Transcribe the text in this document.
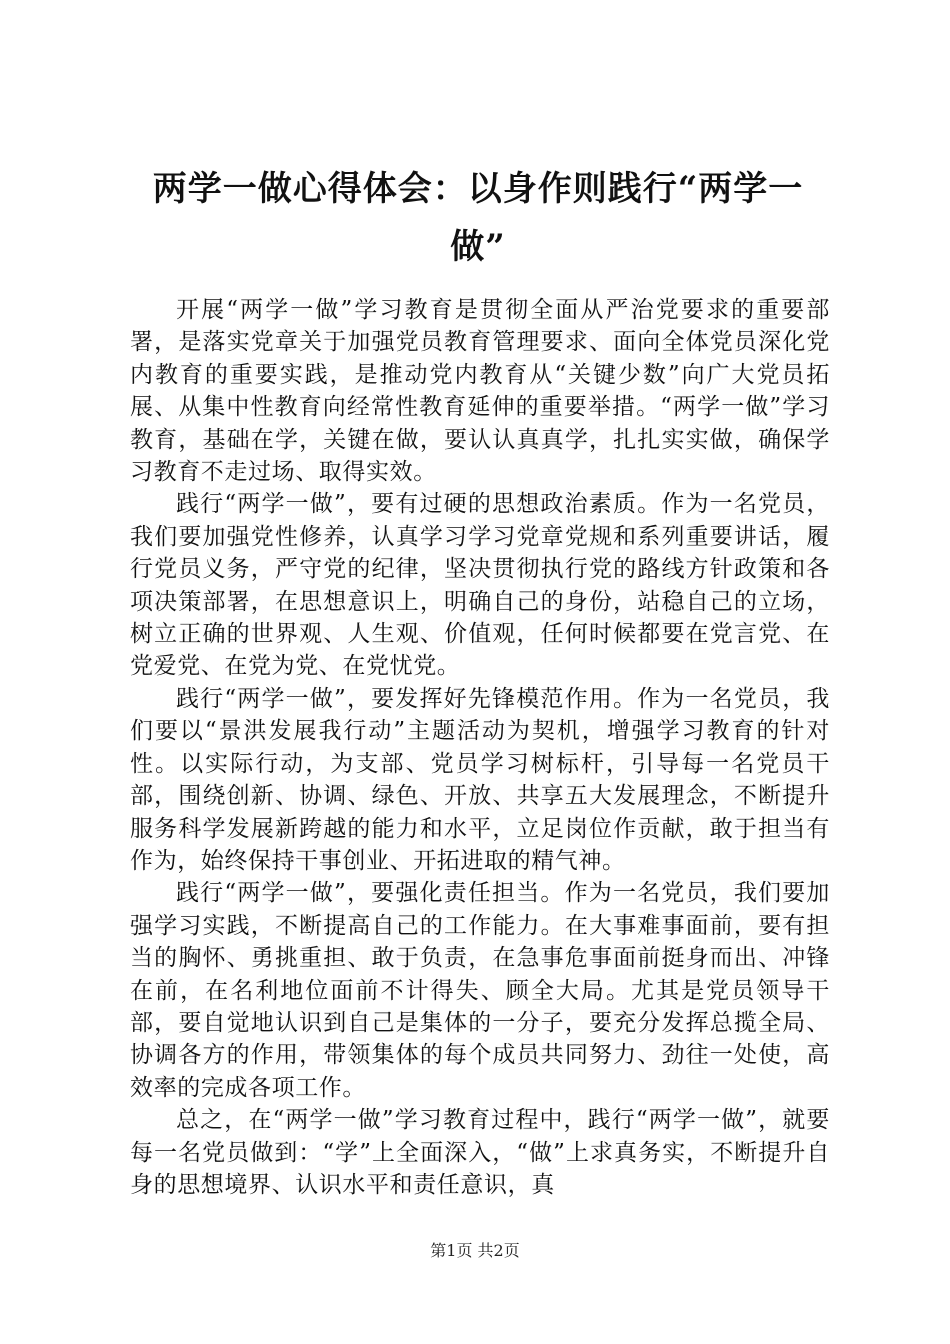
两学一做心得体会：以身作则践行“两学一做”

开展“两学一做”学习教育是贯彻全面从严治党要求的重要部署，是落实党章关于加强党员教育管理要求、面向全体党员深化党内教育的重要实践，是推动党内教育从“关键少数”向广大党员拓展、从集中性教育向经常性教育延伸的重要举措。“两学一做”学习教育，基础在学，关键在做，要认认真真学，扎扎实实做，确保学习教育不走过场、取得实效。

践行“两学一做”，要有过硬的思想政治素质。作为一名党员，我们要加强党性修养，认真学习学习党章党规和系列重要讲话，履行党员义务，严守党的纪律，坚决贯彻执行党的路线方针政策和各项决策部署，在思想意识上，明确自己的身份，站稳自己的立场，树立正确的世界观、人生观、价值观，任何时候都要在党言党、在党爱党、在党为党、在党忧党。

践行“两学一做”，要发挥好先锋模范作用。作为一名党员，我们要以“景洪发展我行动”主题活动为契机，增强学习教育的针对性。以实际行动，为支部、党员学习树标杆，引导每一名党员干部，围绕创新、协调、绿色、开放、共享五大发展理念，不断提升服务科学发展新跨越的能力和水平，立足岗位作贡献，敢于担当有作为，始终保持干事创业、开拓进取的精气神。

践行“两学一做”，要强化责任担当。作为一名党员，我们要加强学习实践，不断提高自己的工作能力。在大事难事面前，要有担当的胸怀、勇挑重担、敢于负责，在急事危事面前挺身而出、冲锋在前，在名利地位面前不计得失、顾全大局。尤其是党员领导干部，要自觉地认识到自己是集体的一分子，要充分发挥总揽全局、协调各方的作用，带领集体的每个成员共同努力、劲往一处使，高效率的完成各项工作。

总之，在“两学一做”学习教育过程中，践行“两学一做”，就要每一名党员做到：“学”上全面深入，“做”上求真务实，不断提升自身的思想境界、认识水平和责任意识，真

第1页 共2页
